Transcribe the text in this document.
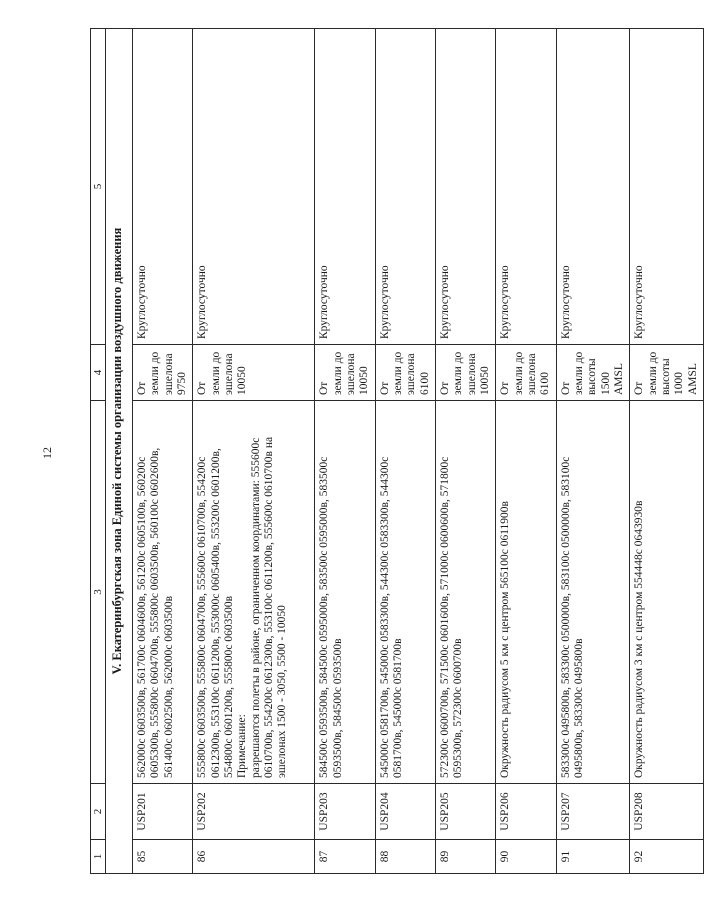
12
1	2	3	4	5
V. Екатеринбургская зона Единой системы организации воздушного движения				
85	USP201	562000с 0603500в, 561700с 0604600в, 561200с 0605100в, 560200с 0605300в, 555800с 0604700в, 555800с 0603500в, 560100с 0602600в, 561400с 0602500в, 562000с 0603500в	От земли до эшелона 9750	Круглосуточно
86	USP202	555800с 0603500в, 555800с 0604700в, 555600с 0610700в, 554200с 0612300в, 553100с 0611200в, 553000с 0605400в, 553200с 0601200в, 554800с 0601200в, 555800с 0603500в
Примечание:
разрешаются полеты в районе, ограниченном координатами: 555600с 0610700в, 554200с 0612300в, 553100с 0611200в, 555600с 0610700в на эшелонах 1500 - 3050, 5500 - 10050	От земли до эшелона 10050	Круглосуточно
87	USP203	584500с 0593500в, 584500с 0595000в, 583500с 0595000в, 583500с 0593500в, 584500с 0593500в	От земли до эшелона 10050	Круглосуточно
88	USP204	545000с 0581700в, 545000с 0583300в, 544300с 0583300в, 544300с 0581700в, 545000с 0581700в	От земли до эшелона 6100	Круглосуточно
89	USP205	572300с 0600700в, 571500с 0601600в, 571000с 0600600в, 571800с 0595300в, 572300с 0600700в	От земли до эшелона 10050	Круглосуточно
90	USP206	Окружность радиусом 5 км с центром 565100с 0611900в	От земли до эшелона 6100	Круглосуточно
91	USP207	583300с 0495800в, 583300с 0500000в, 583100с 0500000в, 583100с 0495800в, 583300с 0495800в	От земли до высоты 1500 AMSL	Круглосуточно
92	USP208	Окружность радиусом 3 км с центром 554448с 0643930в	От земли до высоты 1000 AMSL	Круглосуточно
